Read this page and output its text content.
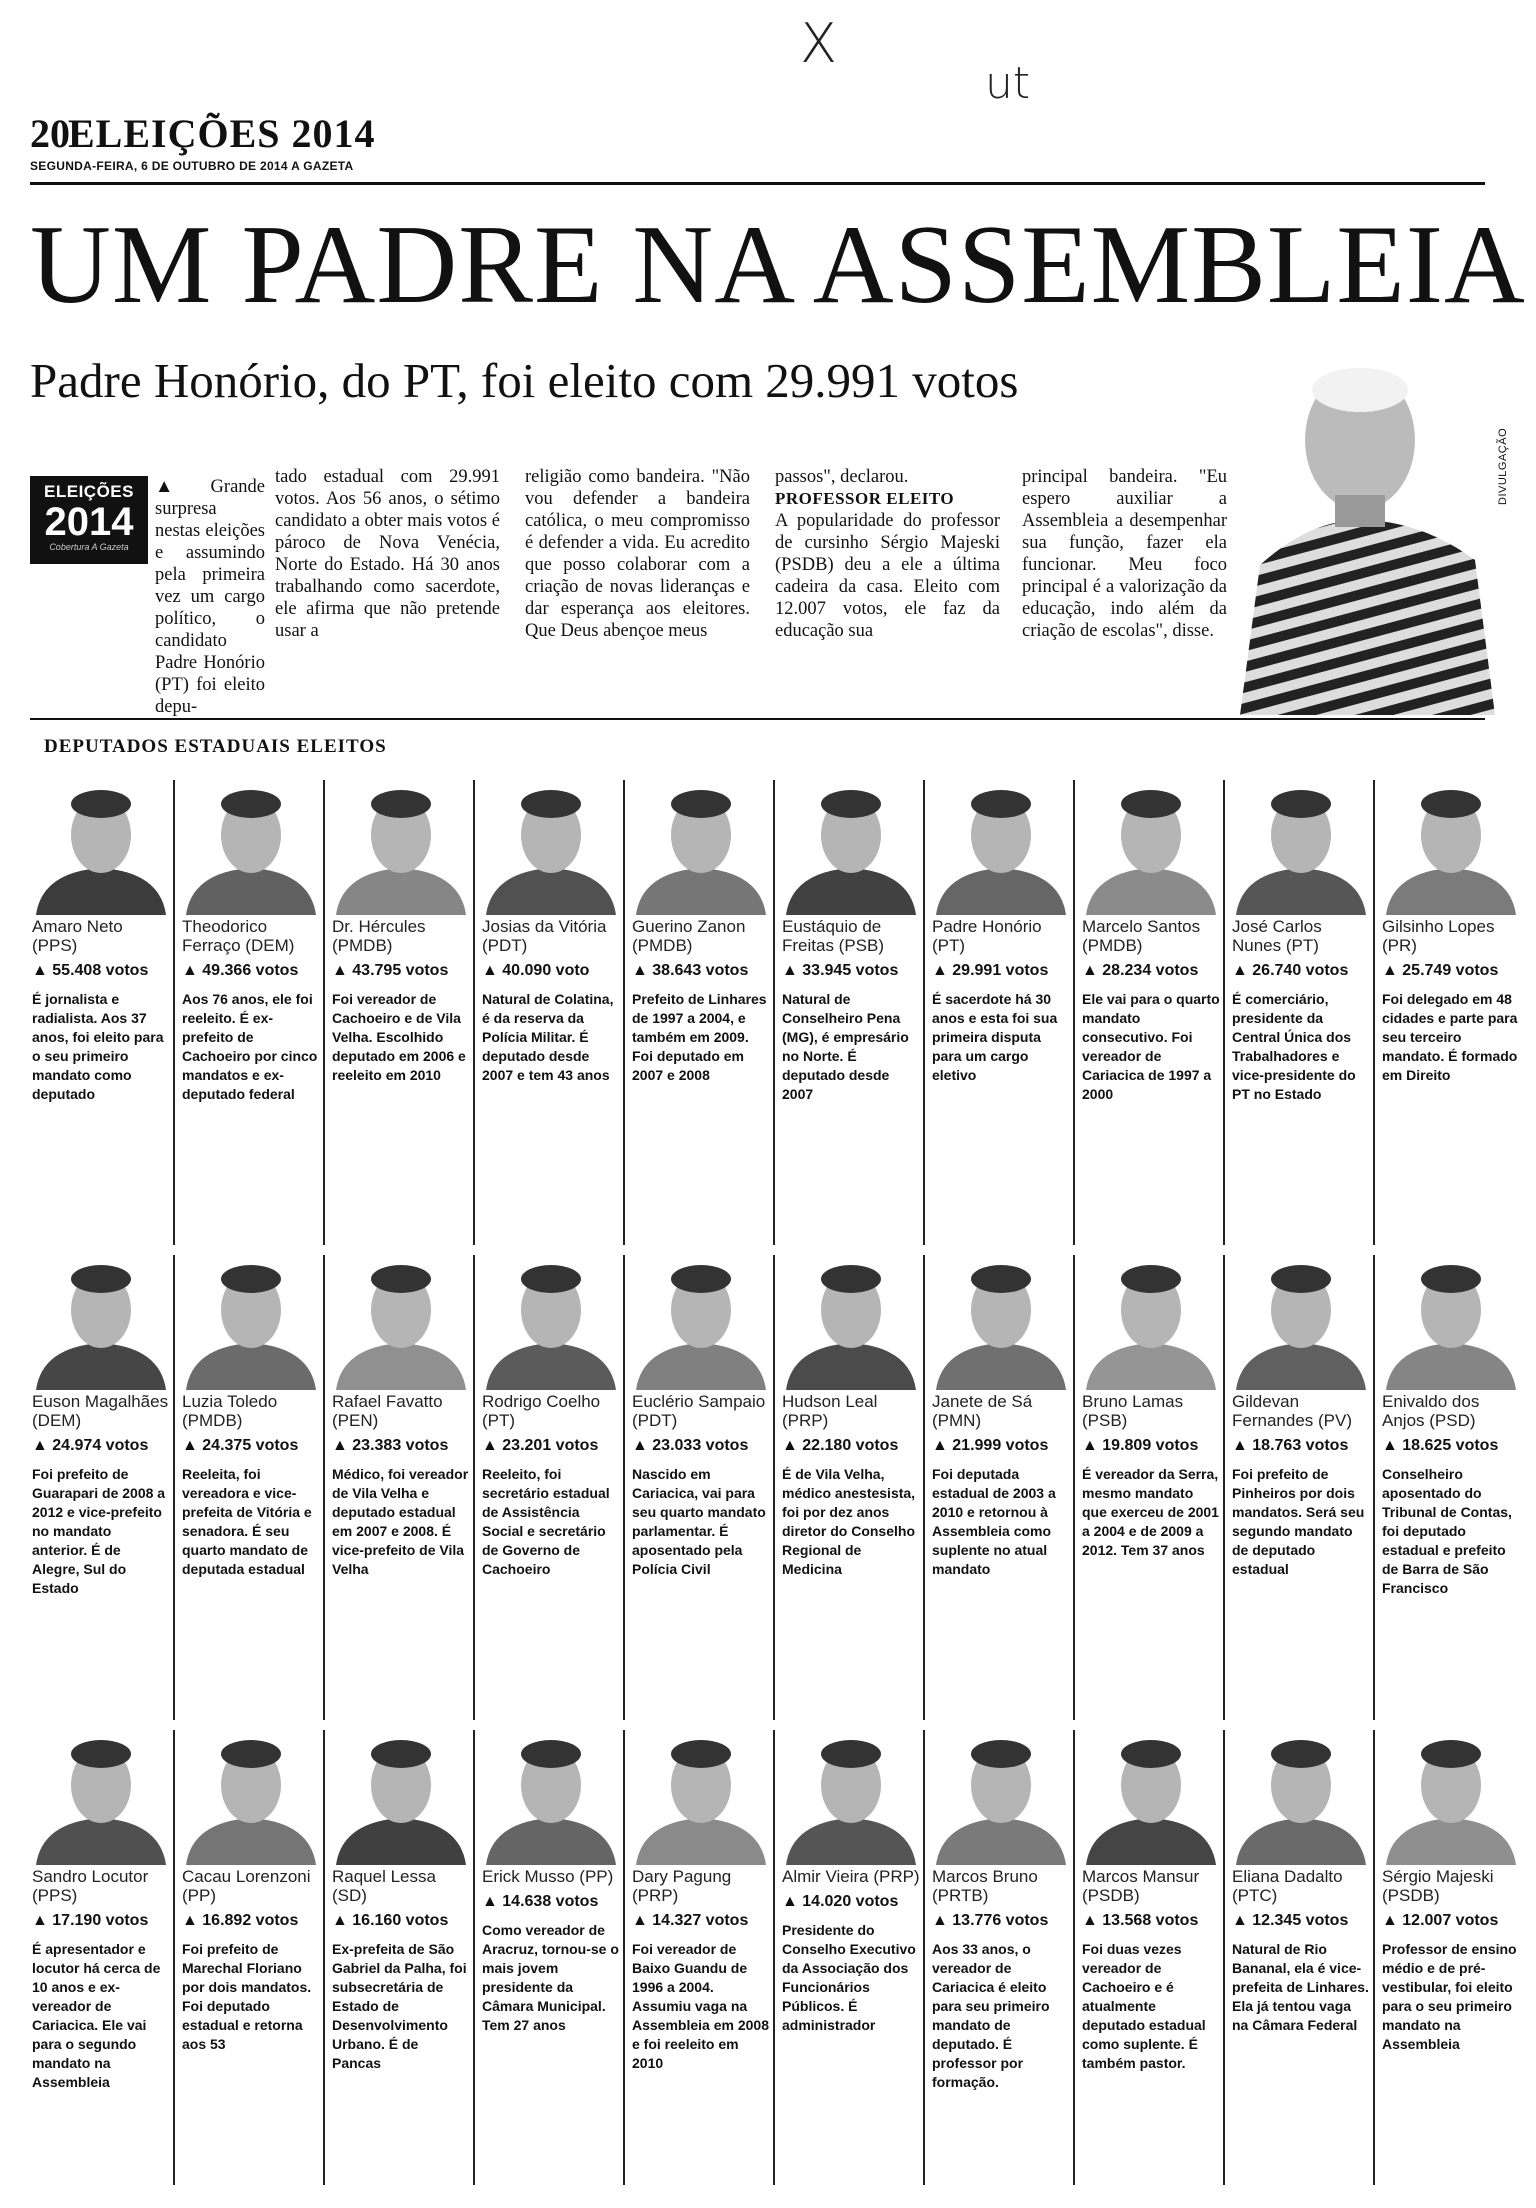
X
ut
20ELEIÇÕES 2014
SEGUNDA-FEIRA, 6 DE OUTUBRO DE 2014 A GAZETA
UM PADRE NA ASSEMBLEIA
Padre Honório, do PT, foi eleito com 29.991 votos
ELEIÇÕES
2014
Cobertura A Gazeta
▲ Grande surpresa nestas eleições e assumindo pela primeira vez um cargo político, o candidato Padre Honório (PT) foi eleito depu-
tado estadual com 29.991 votos. Aos 56 anos, o sétimo candidato a obter mais votos é pároco de Nova Venécia, Norte do Estado. Há 30 anos trabalhando como sacerdote, ele afirma que não pretende usar a
religião como bandeira. "Não vou defender a bandeira católica, o meu compromisso é defender a vida. Eu acredito que posso colaborar com a criação de novas lideranças e dar esperança aos eleitores. Que Deus abençoe meus
passos", declarou.
PROFESSOR ELEITO
A popularidade do professor de cursinho Sérgio Majeski (PSDB) deu a ele a última cadeira da casa. Eleito com 12.007 votos, ele faz da educação sua
principal bandeira. "Eu espero auxiliar a Assembleia a desempenhar sua função, fazer ela funcionar. Meu foco principal é a valorização da educação, indo além da criação de escolas", disse.
DIVULGAÇÃO
DEPUTADOS ESTADUAIS ELEITOS
Amaro Neto (PPS)
▲ 55.408 votos
É jornalista e radialista. Aos 37 anos, foi eleito para o seu primeiro mandato como deputado
Theodorico Ferraço (DEM)
▲ 49.366 votos
Aos 76 anos, ele foi reeleito. É ex-prefeito de Cachoeiro por cinco mandatos e ex-deputado federal
Dr. Hércules (PMDB)
▲ 43.795 votos
Foi vereador de Cachoeiro e de Vila Velha. Escolhido deputado em 2006 e reeleito em 2010
Josias da Vitória (PDT)
▲ 40.090 voto
Natural de Colatina, é da reserva da Polícia Militar. É deputado desde 2007 e tem 43 anos
Guerino Zanon (PMDB)
▲ 38.643 votos
Prefeito de Linhares de 1997 a 2004, e também em 2009. Foi deputado em 2007 e 2008
Eustáquio de Freitas (PSB)
▲ 33.945 votos
Natural de Conselheiro Pena (MG), é empresário no Norte. É deputado desde 2007
Padre Honório (PT)
▲ 29.991 votos
É sacerdote há 30 anos e esta foi sua primeira disputa para um cargo eletivo
Marcelo Santos (PMDB)
▲ 28.234 votos
Ele vai para o quarto mandato consecutivo. Foi vereador de Cariacica de 1997 a 2000
José Carlos Nunes (PT)
▲ 26.740 votos
É comerciário, presidente da Central Única dos Trabalhadores e vice-presidente do PT no Estado
Gilsinho Lopes (PR)
▲ 25.749 votos
Foi delegado em 48 cidades e parte para seu terceiro mandato. É formado em Direito
Euson Magalhães (DEM)
▲ 24.974 votos
Foi prefeito de Guarapari de 2008 a 2012 e vice-prefeito no mandato anterior. É de Alegre, Sul do Estado
Luzia Toledo (PMDB)
▲ 24.375 votos
Reeleita, foi vereadora e vice-prefeita de Vitória e senadora. É seu quarto mandato de deputada estadual
Rafael Favatto (PEN)
▲ 23.383 votos
Médico, foi vereador de Vila Velha e deputado estadual em 2007 e 2008. É vice-prefeito de Vila Velha
Rodrigo Coelho (PT)
▲ 23.201 votos
Reeleito, foi secretário estadual de Assistência Social e secretário de Governo de Cachoeiro
Euclério Sampaio (PDT)
▲ 23.033 votos
Nascido em Cariacica, vai para seu quarto mandato parlamentar. É aposentado pela Polícia Civil
Hudson Leal (PRP)
▲ 22.180 votos
É de Vila Velha, médico anestesista, foi por dez anos diretor do Conselho Regional de Medicina
Janete de Sá (PMN)
▲ 21.999 votos
Foi deputada estadual de 2003 a 2010 e retornou à Assembleia como suplente no atual mandato
Bruno Lamas (PSB)
▲ 19.809 votos
É vereador da Serra, mesmo mandato que exerceu de 2001 a 2004 e de 2009 a 2012. Tem 37 anos
Gildevan Fernandes (PV)
▲ 18.763 votos
Foi prefeito de Pinheiros por dois mandatos. Será seu segundo mandato de deputado estadual
Enivaldo dos Anjos (PSD)
▲ 18.625 votos
Conselheiro aposentado do Tribunal de Contas, foi deputado estadual e prefeito de Barra de São Francisco
Sandro Locutor (PPS)
▲ 17.190 votos
É apresentador e locutor há cerca de 10 anos e ex-vereador de Cariacica. Ele vai para o segundo mandato na Assembleia
Cacau Lorenzoni (PP)
▲ 16.892 votos
Foi prefeito de Marechal Floriano por dois mandatos. Foi deputado estadual e retorna aos 53
Raquel Lessa (SD)
▲ 16.160 votos
Ex-prefeita de São Gabriel da Palha, foi subsecretária de Estado de Desenvolvimento Urbano. É de Pancas
Erick Musso (PP)
▲ 14.638 votos
Como vereador de Aracruz, tornou-se o mais jovem presidente da Câmara Municipal. Tem 27 anos
Dary Pagung (PRP)
▲ 14.327 votos
Foi vereador de Baixo Guandu de 1996 a 2004. Assumiu vaga na Assembleia em 2008 e foi reeleito em 2010
Almir Vieira (PRP)
▲ 14.020 votos
Presidente do Conselho Executivo da Associação dos Funcionários Públicos. É administrador
Marcos Bruno (PRTB)
▲ 13.776 votos
Aos 33 anos, o vereador de Cariacica é eleito para seu primeiro mandato de deputado. É professor por formação.
Marcos Mansur (PSDB)
▲ 13.568 votos
Foi duas vezes vereador de Cachoeiro e é atualmente deputado estadual como suplente. É também pastor.
Eliana Dadalto (PTC)
▲ 12.345 votos
Natural de Rio Bananal, ela é vice-prefeita de Linhares. Ela já tentou vaga na Câmara Federal
Sérgio Majeski (PSDB)
▲ 12.007 votos
Professor de ensino médio e de pré-vestibular, foi eleito para o seu primeiro mandato na Assembleia
